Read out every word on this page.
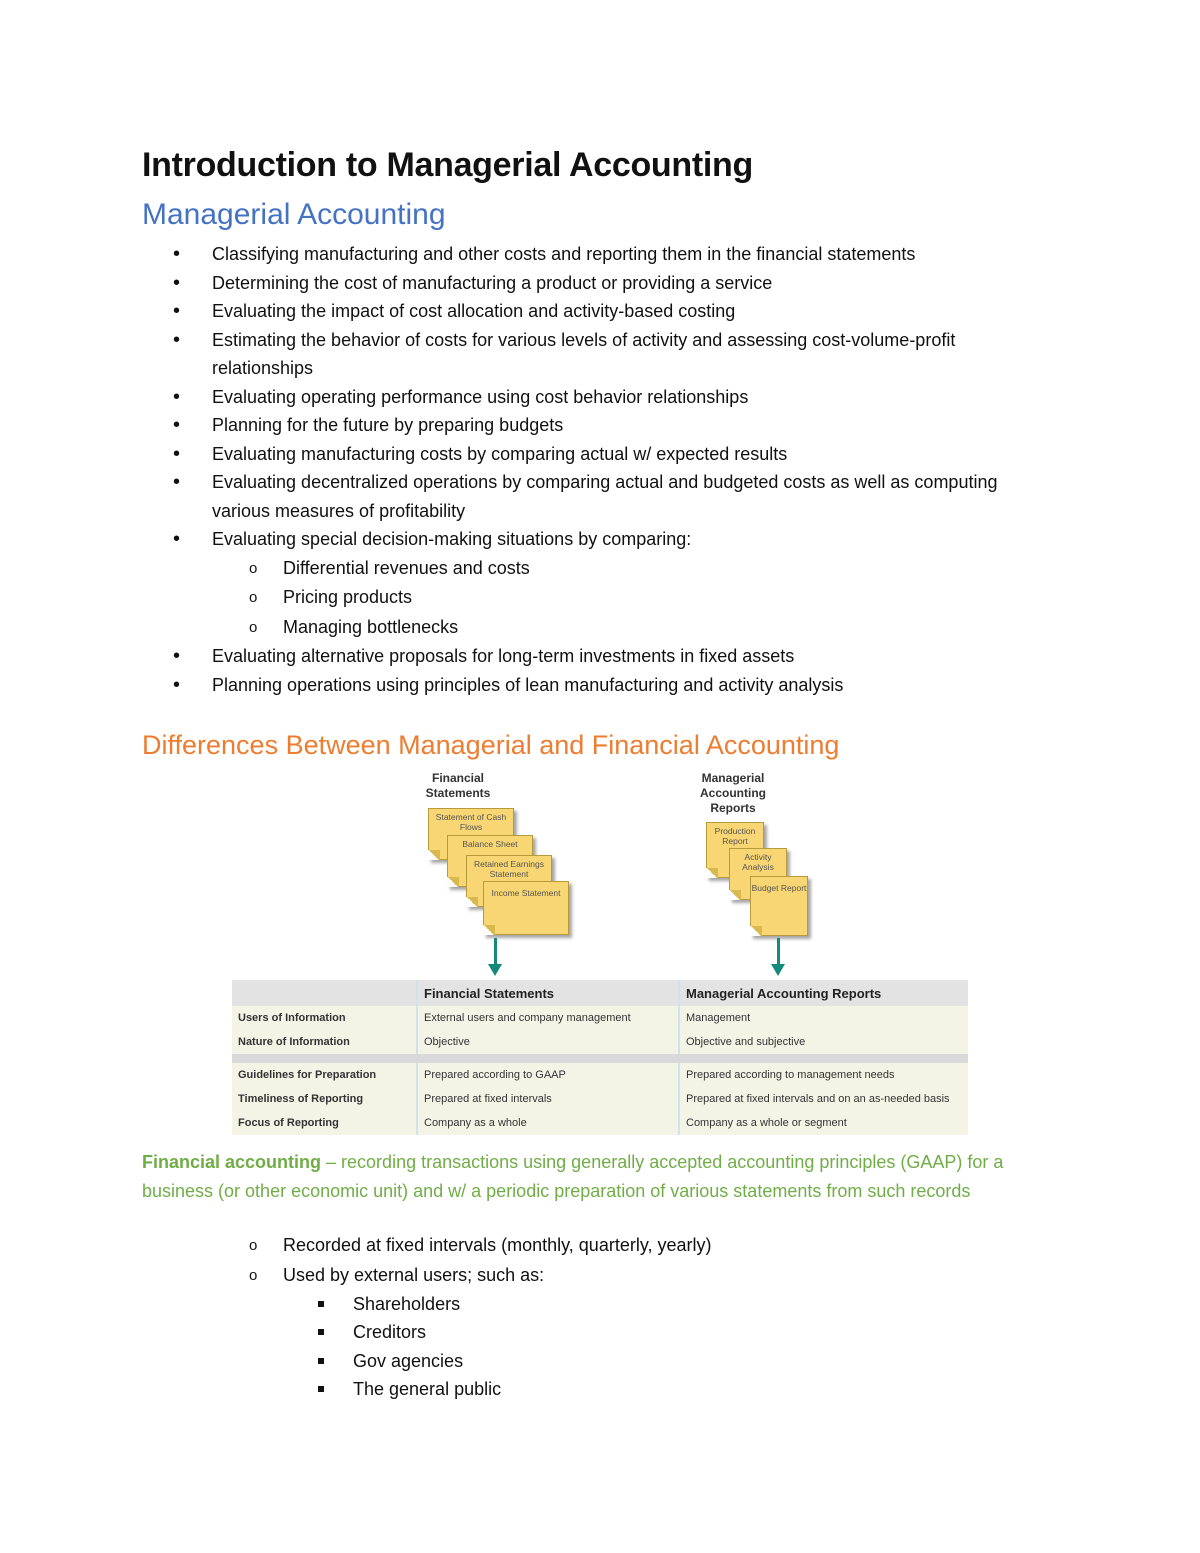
Introduction to Managerial Accounting
Managerial Accounting
• Classifying manufacturing and other costs and reporting them in the financial statements
• Determining the cost of manufacturing a product or providing a service
• Evaluating the impact of cost allocation and activity-based costing
• Estimating the behavior of costs for various levels of activity and assessing cost-volume-profit relationships
• Evaluating operating performance using cost behavior relationships
• Planning for the future by preparing budgets
• Evaluating manufacturing costs by comparing actual w/ expected results
• Evaluating decentralized operations by comparing actual and budgeted costs as well as computing various measures of profitability
• Evaluating special decision-making situations by comparing:
o Differential revenues and costs
o Pricing products
o Managing bottlenecks
• Evaluating alternative proposals for long-term investments in fixed assets
• Planning operations using principles of lean manufacturing and activity analysis
Differences Between Managerial and Financial Accounting
Financial
Statements
Statement of Cash Flows
Balance Sheet
Retained Earnings Statement
Income Statement
Managerial
Accounting
Reports
Production Report
Activity Analysis
Budget Report
	Financial Statements	Managerial Accounting Reports
Users of Information	External users and company management	Management
Nature of Information	Objective	Objective and subjective

Guidelines for Preparation	Prepared according to GAAP	Prepared according to management needs
Timeliness of Reporting	Prepared at fixed intervals	Prepared at fixed intervals and on an as-needed basis
Focus of Reporting	Company as a whole	Company as a whole or segment

Financial accounting – recording transactions using generally accepted accounting principles (GAAP) for a business (or other economic unit) and w/ a periodic preparation of various statements from such records

o Recorded at fixed intervals (monthly, quarterly, yearly)
o Used by external users; such as:
Shareholders
Creditors
Gov agencies
The general public
